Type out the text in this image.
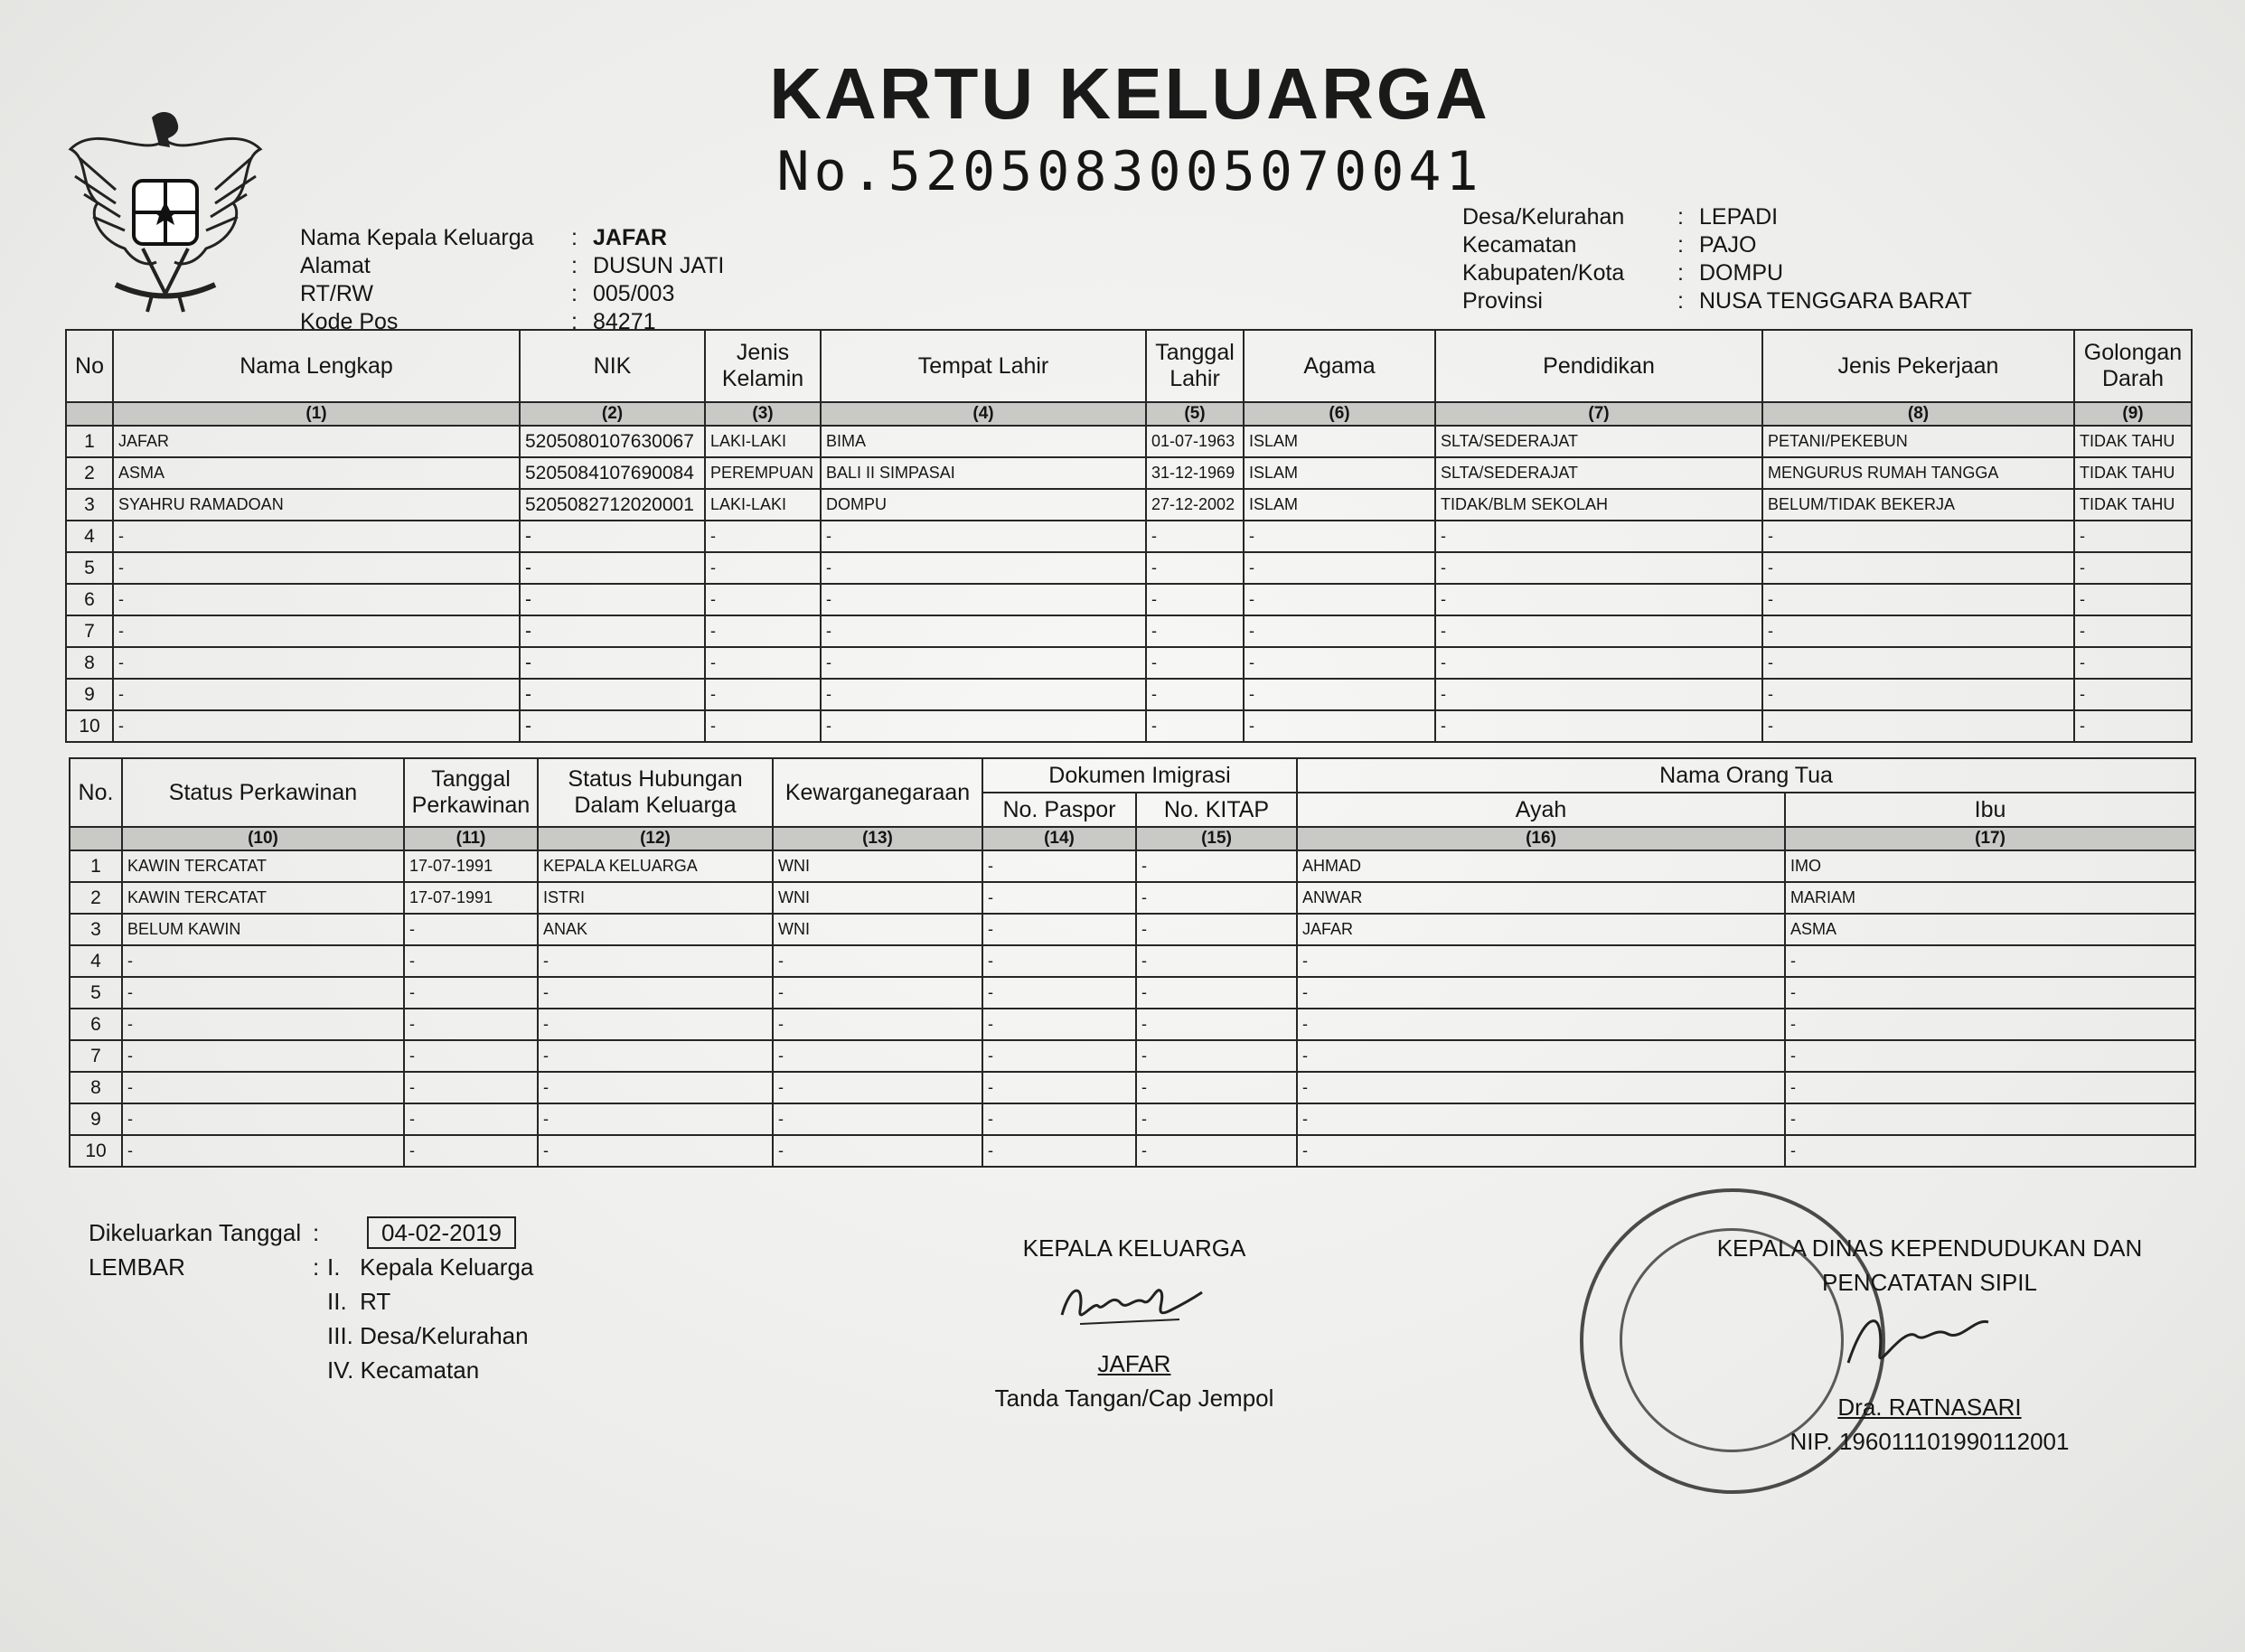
KARTU KELUARGA
No.5205083005070041
Nama Kepala Keluarga	: JAFAR
Alamat	: DUSUN JATI
RT/RW	: 005/003
Kode Pos	: 84271
Desa/Kelurahan	: LEPADI
Kecamatan	: PAJO
Kabupaten/Kota	: DOMPU
Provinsi	: NUSA TENGGARA BARAT
No	Nama Lengkap	NIK	Jenis Kelamin	Tempat Lahir	Tanggal Lahir	Agama	Pendidikan	Jenis Pekerjaan	Golongan Darah
	(1)	(2)	(3)	(4)	(5)	(6)	(7)	(8)	(9)
1	JAFAR	5205080107630067	LAKI-LAKI	BIMA	01-07-1963	ISLAM	SLTA/SEDERAJAT	PETANI/PEKEBUN	TIDAK TAHU
2	ASMA	5205084107690084	PEREMPUAN	BALI II SIMPASAI	31-12-1969	ISLAM	SLTA/SEDERAJAT	MENGURUS RUMAH TANGGA	TIDAK TAHU
3	SYAHRU RAMADOAN	5205082712020001	LAKI-LAKI	DOMPU	27-12-2002	ISLAM	TIDAK/BLM SEKOLAH	BELUM/TIDAK BEKERJA	TIDAK TAHU
4	-	-	-	-	-	-	-	-	-
5	-	-	-	-	-	-	-	-	-
6	-	-	-	-	-	-	-	-	-
7	-	-	-	-	-	-	-	-	-
8	-	-	-	-	-	-	-	-	-
9	-	-	-	-	-	-	-	-	-
10	-	-	-	-	-	-	-	-	-
No.	Status Perkawinan	Tanggal Perkawinan	Status Hubungan Dalam Keluarga	Kewarganegaraan	Dokumen Imigrasi		Nama Orang Tua	
					No. Paspor	No. KITAP	Ayah	Ibu
	(10)	(11)	(12)	(13)	(14)	(15)	(16)	(17)
1	KAWIN TERCATAT	17-07-1991	KEPALA KELUARGA	WNI	-	-	AHMAD	IMO
2	KAWIN TERCATAT	17-07-1991	ISTRI	WNI	-	-	ANWAR	MARIAM
3	BELUM KAWIN	-	ANAK	WNI	-	-	JAFAR	ASMA
4	-	-	-	-	-	-	-	-
5	-	-	-	-	-	-	-	-
6	-	-	-	-	-	-	-	-
7	-	-	-	-	-	-	-	-
8	-	-	-	-	-	-	-	-
9	-	-	-	-	-	-	-	-
10	-	-	-	-	-	-	-	-
Dikeluarkan Tanggal :	04-02-2019
LEMBAR	: I.   Kepala Keluarga
II.  RT
III. Desa/Kelurahan
IV. Kecamatan
KEPALA KELUARGA
JAFAR
Tanda Tangan/Cap Jempol
KEPALA DINAS KEPENDUDUKAN DAN
PENCATATAN SIPIL
Dra. RATNASARI
NIP. 196011101990112001
